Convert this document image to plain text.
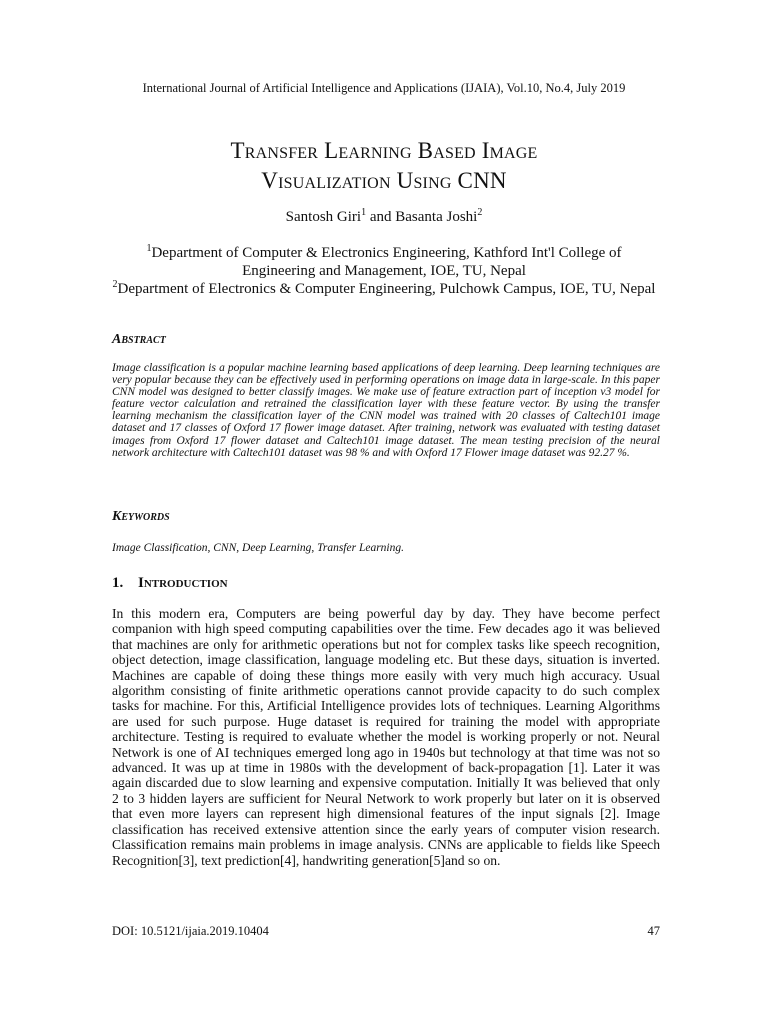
International Journal of Artificial Intelligence and Applications (IJAIA), Vol.10, No.4, July 2019
Transfer Learning Based Image
Visualization Using CNN
Santosh Giri$^1$ and Basanta Joshi$^2$
$^1$Department of Computer & Electronics Engineering, Kathford Int'l College of Engineering and Management, IOE, TU, Nepal
$^2$Department of Electronics & Computer Engineering, Pulchowk Campus, IOE, TU, Nepal
Abstract
Image classification is a popular machine learning based applications of deep learning. Deep learning techniques are very popular because they can be effectively used in performing operations on image data in large-scale. In this paper CNN model was designed to better classify images. We make use of feature extraction part of inception v3 model for feature vector calculation and retrained the classification layer with these feature vector. By using the transfer learning mechanism the classification layer of the CNN model was trained with 20 classes of Caltech101 image dataset and 17 classes of Oxford 17 flower image dataset. After training, network was evaluated with testing dataset images from Oxford 17 flower dataset and Caltech101 image dataset. The mean testing precision of the neural network architecture with Caltech101 dataset was 98 % and with Oxford 17 Flower image dataset was 92.27 %.
Keywords
Image Classification, CNN, Deep Learning, Transfer Learning.
1. Introduction
In this modern era, Computers are being powerful day by day. They have become perfect companion with high speed computing capabilities over the time. Few decades ago it was believed that machines are only for arithmetic operations but not for complex tasks like speech recognition, object detection, image classification, language modeling etc. But these days, situation is inverted. Machines are capable of doing these things more easily with very much high accuracy. Usual algorithm consisting of finite arithmetic operations cannot provide capacity to do such complex tasks for machine. For this, Artificial Intelligence provides lots of techniques. Learning Algorithms are used for such purpose. Huge dataset is required for training the model with appropriate architecture. Testing is required to evaluate whether the model is working properly or not. Neural Network is one of AI techniques emerged long ago in 1940s but technology at that time was not so advanced. It was up at time in 1980s with the development of back-propagation [1]. Later it was again discarded due to slow learning and expensive computation. Initially It was believed that only 2 to 3 hidden layers are sufficient for Neural Network to work properly but later on it is observed that even more layers can represent high dimensional features of the input signals [2]. Image classification has received extensive attention since the early years of computer vision research. Classification remains main problems in image analysis. CNNs are applicable to fields like Speech Recognition[3], text prediction[4], handwriting generation[5]and so on.
DOI: 10.5121/ijaia.2019.10404	47
